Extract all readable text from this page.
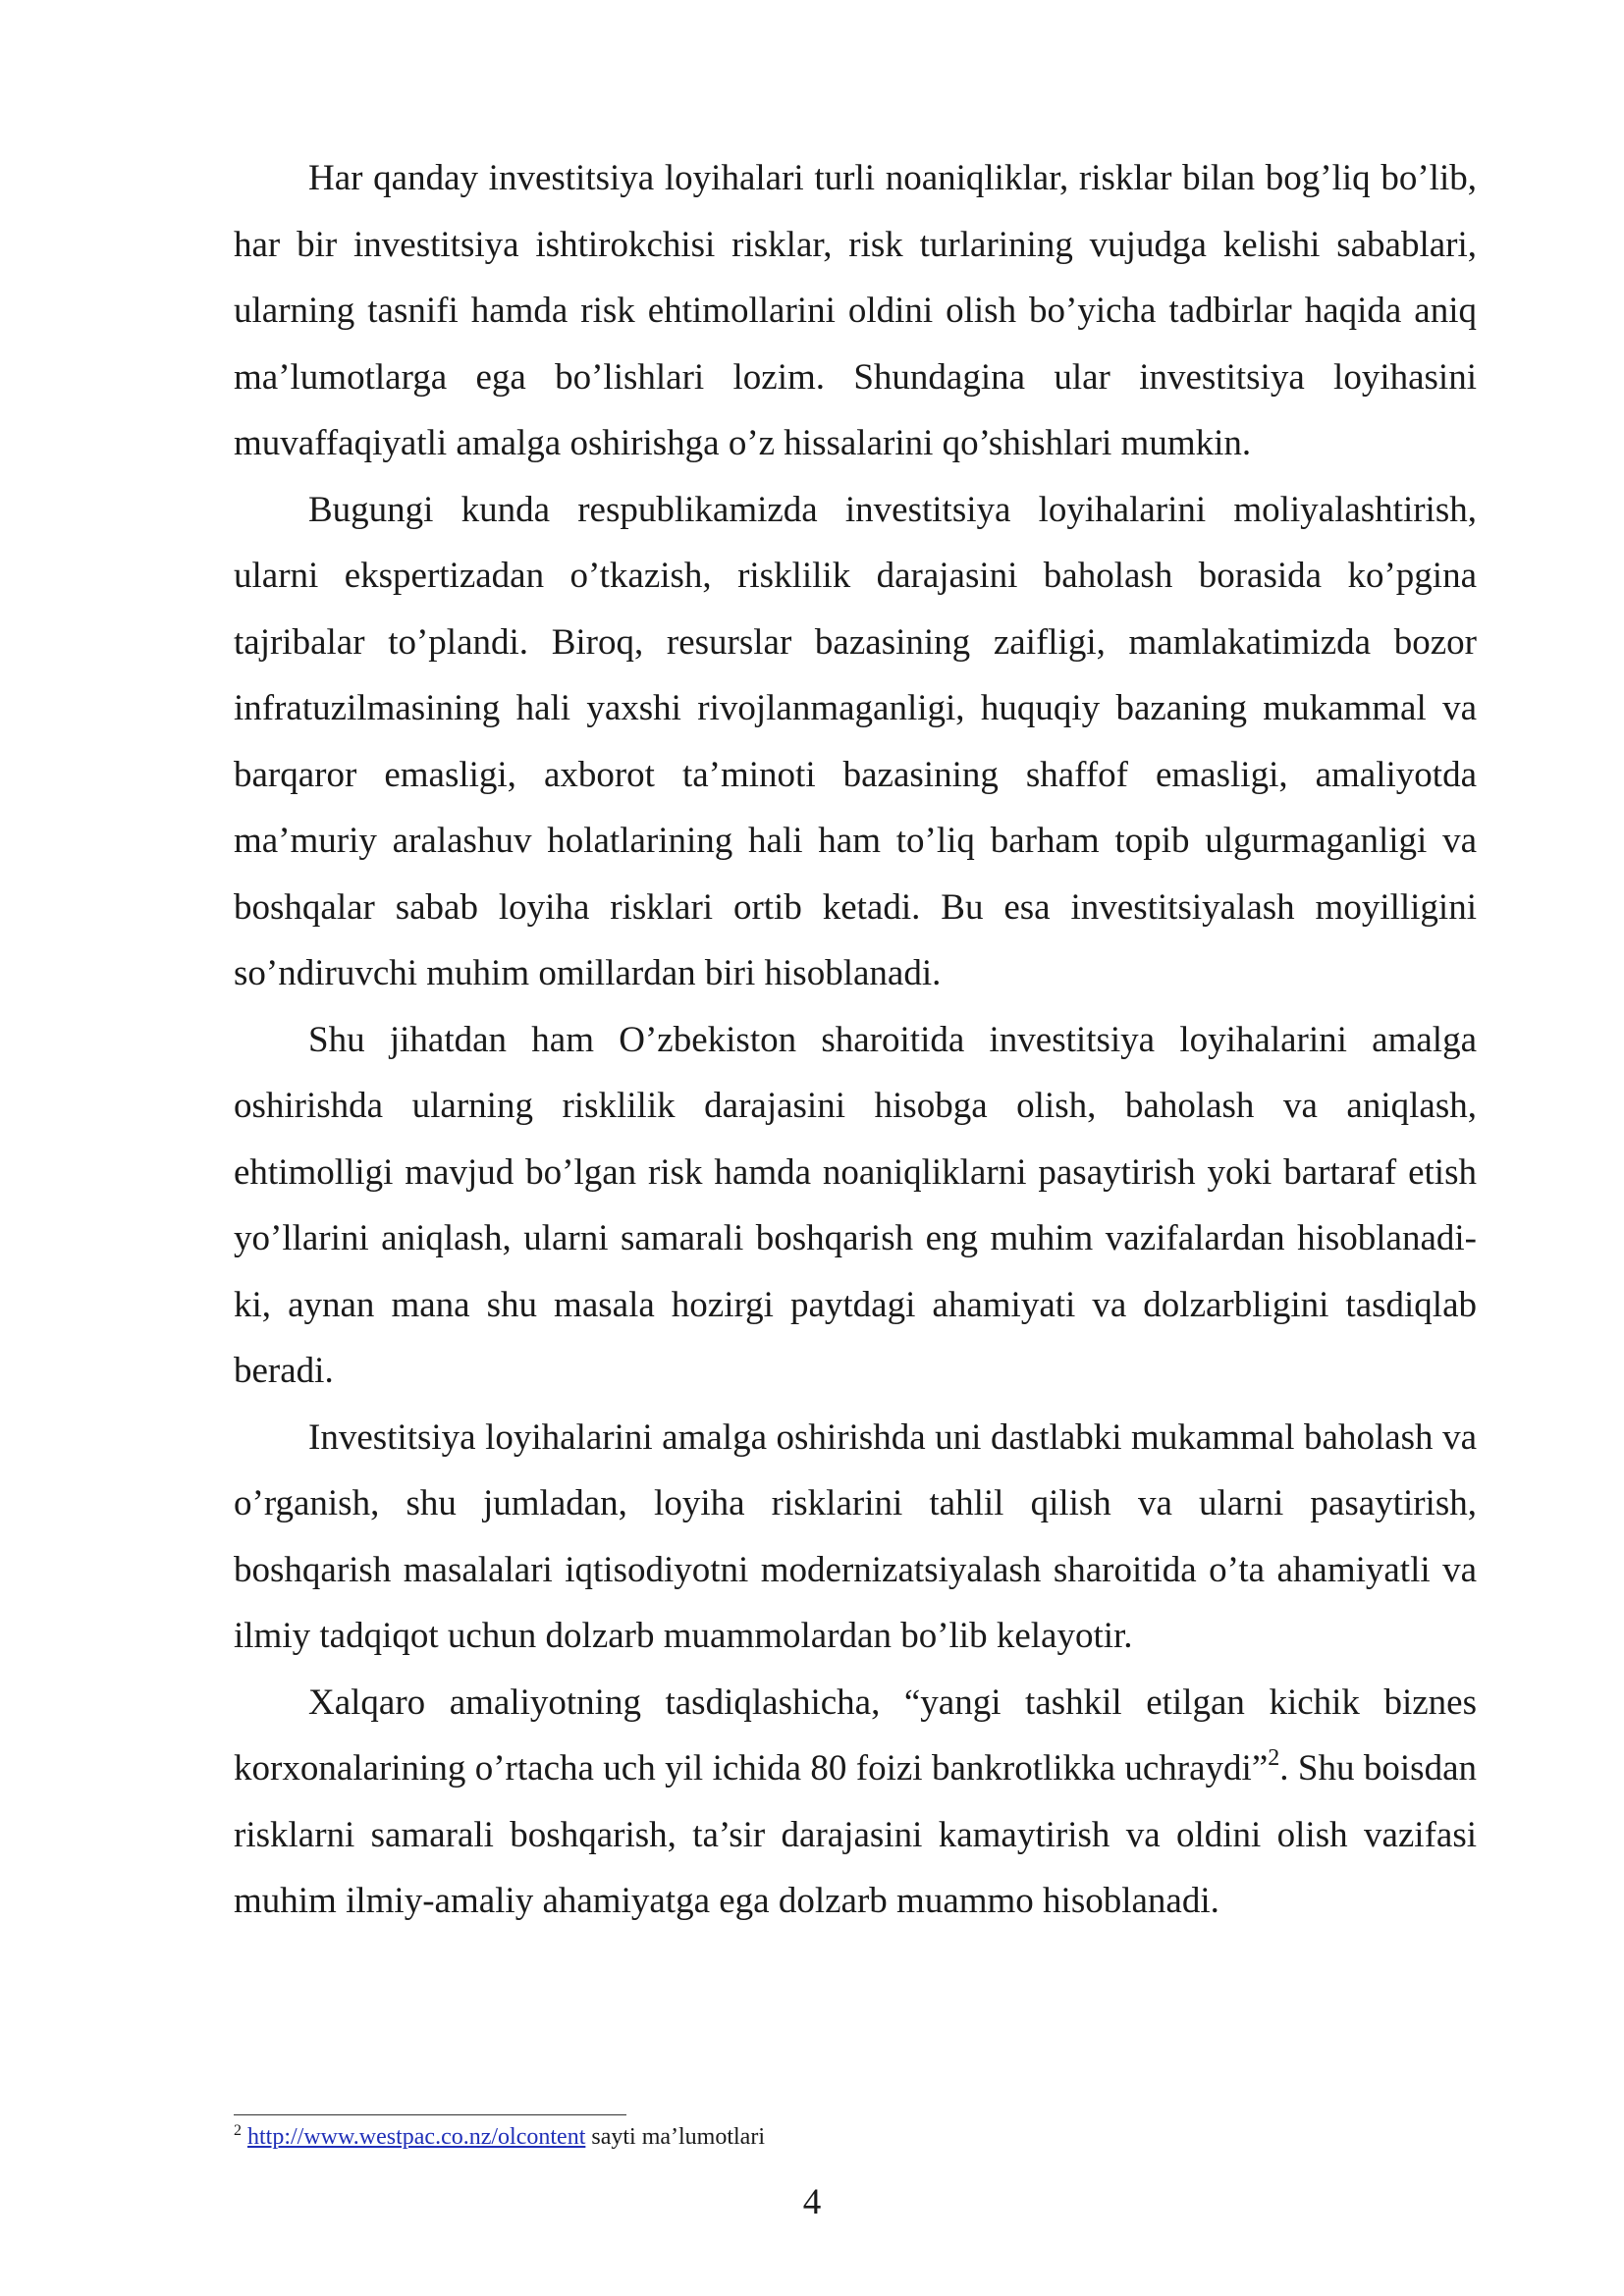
Har qanday investitsiya loyihalari turli noaniqliklar, risklar bilan bog’liq bo’lib, har bir investitsiya ishtirokchisi risklar, risk turlarining vujudga kelishi sabablari, ularning tasnifi hamda risk ehtimollarini oldini olish bo’yicha tadbirlar haqida aniq ma’lumotlarga ega bo’lishlari lozim. Shundagina ular investitsiya loyihasini muvaffaqiyatli amalga oshirishga o’z hissalarini qo’shishlari mumkin.

Bugungi kunda respublikamizda investitsiya loyihalarini moliyalashtirish, ularni ekspertizadan o’tkazish, risklilik darajasini baholash borasida ko’pgina tajribalar to’plandi. Biroq, resurslar bazasining zaifligi, mamlakatimizda bozor infratuzilmasining hali yaxshi rivojlanmaganligi, huquqiy bazaning mukammal va barqaror emasligi, axborot ta’minoti bazasining shaffof emasligi, amaliyotda ma’muriy aralashuv holatlarining hali ham to’liq barham topib ulgurmaganligi va boshqalar sabab loyiha risklari ortib ketadi. Bu esa investitsiyalash moyilligini so’ndiruvchi muhim omillardan biri hisoblanadi.

Shu jihatdan ham O’zbekiston sharoitida investitsiya loyihalarini amalga oshirishda ularning risklilik darajasini hisobga olish, baholash va aniqlash, ehtimolligi mavjud bo’lgan risk hamda noaniqliklarni pasaytirish yoki bartaraf etish yo’llarini aniqlash, ularni samarali boshqarish eng muhim vazifalardan hisoblanadi-ki, aynan mana shu masala hozirgi paytdagi ahamiyati va dolzarbligini tasdiqlab beradi.

Investitsiya loyihalarini amalga oshirishda uni dastlabki mukammal baholash va o’rganish, shu jumladan, loyiha risklarini tahlil qilish va ularni pasaytirish, boshqarish masalalari iqtisodiyotni modernizatsiyalash sharoitida o’ta ahamiyatli va ilmiy tadqiqot uchun dolzarb muammolardan bo’lib kelayotir.

Xalqaro amaliyotning tasdiqlashicha, “yangi tashkil etilgan kichik biznes korxonalarining o’rtacha uch yil ichida 80 foizi bankrotlikka uchraydi”$^2$. Shu boisdan risklarni samarali boshqarish, ta’sir darajasini kamaytirish va oldini olish vazifasi muhim ilmiy-amaliy ahamiyatga ega dolzarb muammo hisoblanadi.

$^2$ http://www.westpac.co.nz/olcontent sayti ma’lumotlari
4
